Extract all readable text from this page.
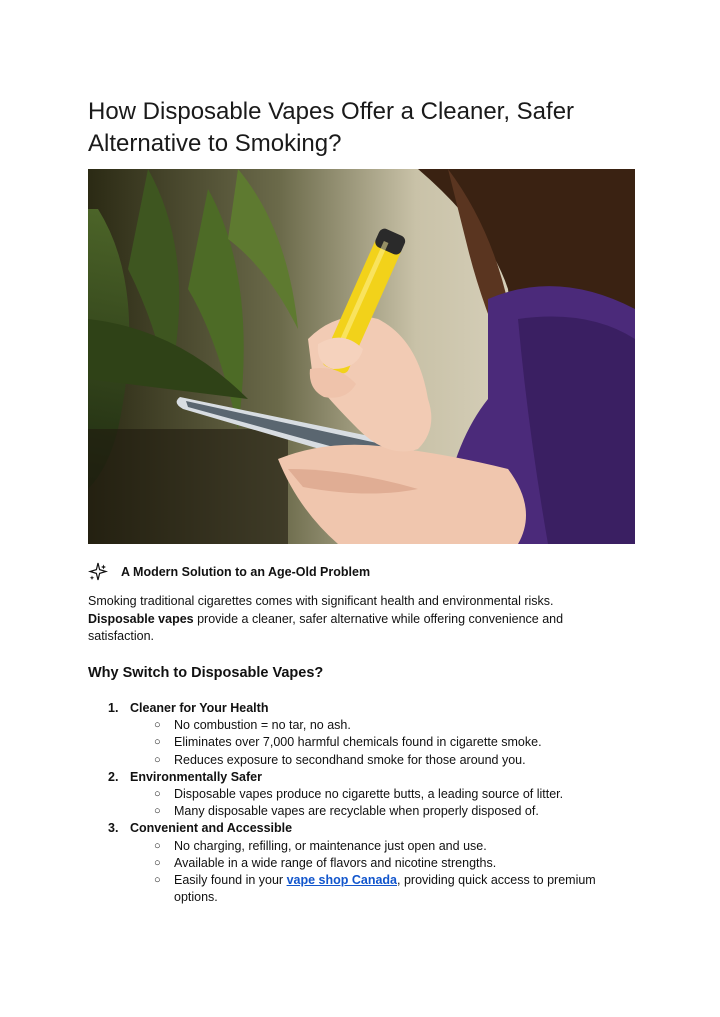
How Disposable Vapes Offer a Cleaner, Safer Alternative to Smoking?
A Modern Solution to an Age-Old Problem

Smoking traditional cigarettes comes with significant health and environmental risks.
Disposable vapes provide a cleaner, safer alternative while offering convenience and satisfaction.

Why Switch to Disposable Vapes?
1. Cleaner for Your Health
○	No combustion = no tar, no ash.
○	Eliminates over 7,000 harmful chemicals found in cigarette smoke.
○	Reduces exposure to secondhand smoke for those around you.
2. Environmentally Safer
○	Disposable vapes produce no cigarette butts, a leading source of litter.
○	Many disposable vapes are recyclable when properly disposed of.
3. Convenient and Accessible
○	No charging, refilling, or maintenance just open and use.
○	Available in a wide range of flavors and nicotine strengths.
○	Easily found in your vape shop Canada, providing quick access to premium options.
